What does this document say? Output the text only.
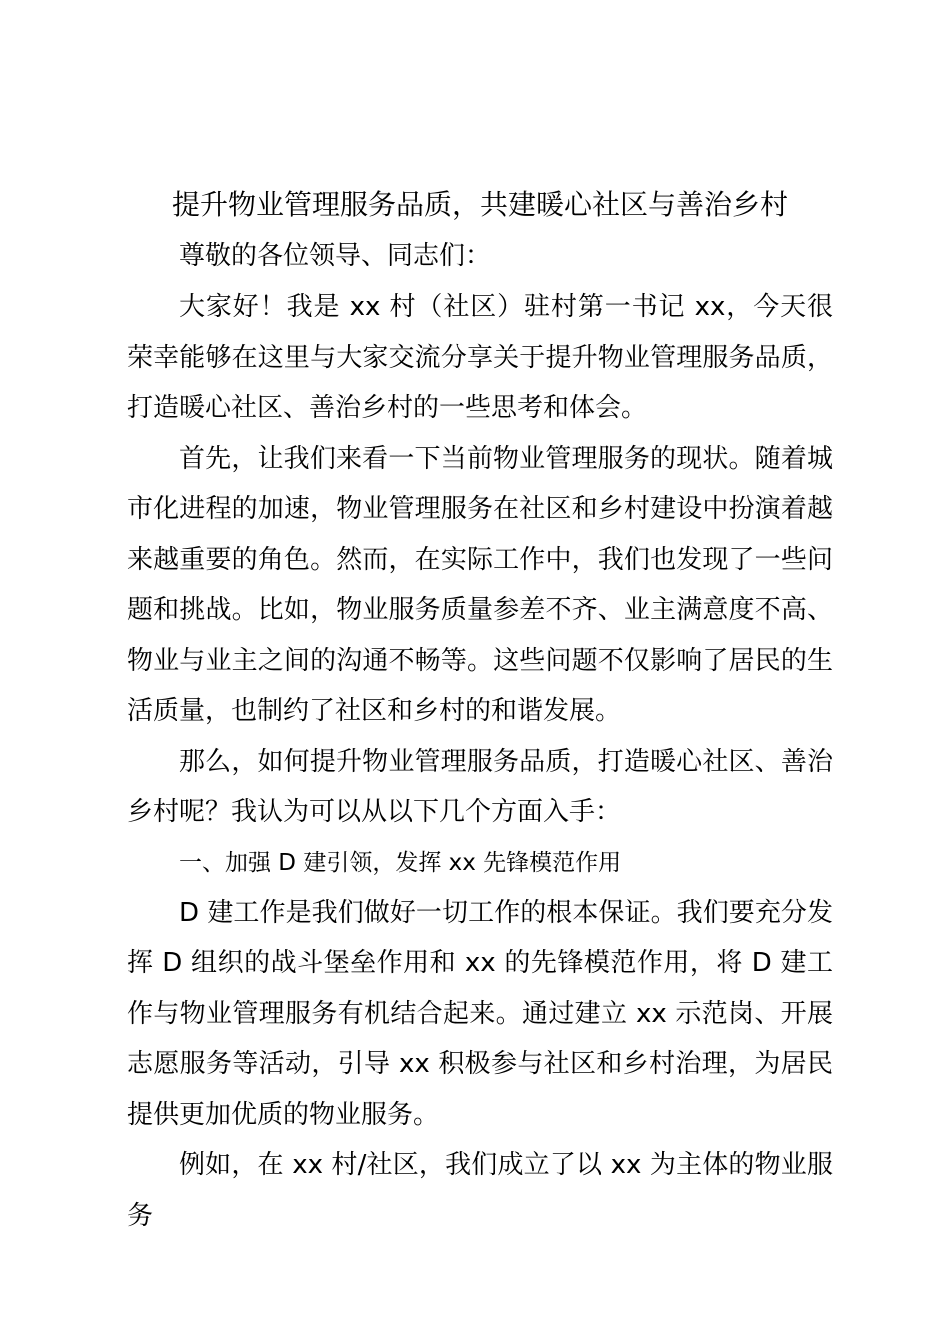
提升物业管理服务品质，共建暖心社区与善治乡村

尊敬的各位领导、同志们：

大家好！我是 xx 村（社区）驻村第一书记 xx，今天很荣幸能够在这里与大家交流分享关于提升物业管理服务品质，打造暖心社区、善治乡村的一些思考和体会。

首先，让我们来看一下当前物业管理服务的现状。随着城市化进程的加速，物业管理服务在社区和乡村建设中扮演着越来越重要的角色。然而，在实际工作中，我们也发现了一些问题和挑战。比如，物业服务质量参差不齐、业主满意度不高、物业与业主之间的沟通不畅等。这些问题不仅影响了居民的生活质量，也制约了社区和乡村的和谐发展。

那么，如何提升物业管理服务品质，打造暖心社区、善治乡村呢？我认为可以从以下几个方面入手：

一、加强 D 建引领，发挥 xx 先锋模范作用

D 建工作是我们做好一切工作的根本保证。我们要充分发挥 D 组织的战斗堡垒作用和 xx 的先锋模范作用，将 D 建工作与物业管理服务有机结合起来。通过建立 xx 示范岗、开展志愿服务等活动，引导 xx 积极参与社区和乡村治理，为居民提供更加优质的物业服务。

例如，在 xx 村/社区，我们成立了以 xx 为主体的物业服务
